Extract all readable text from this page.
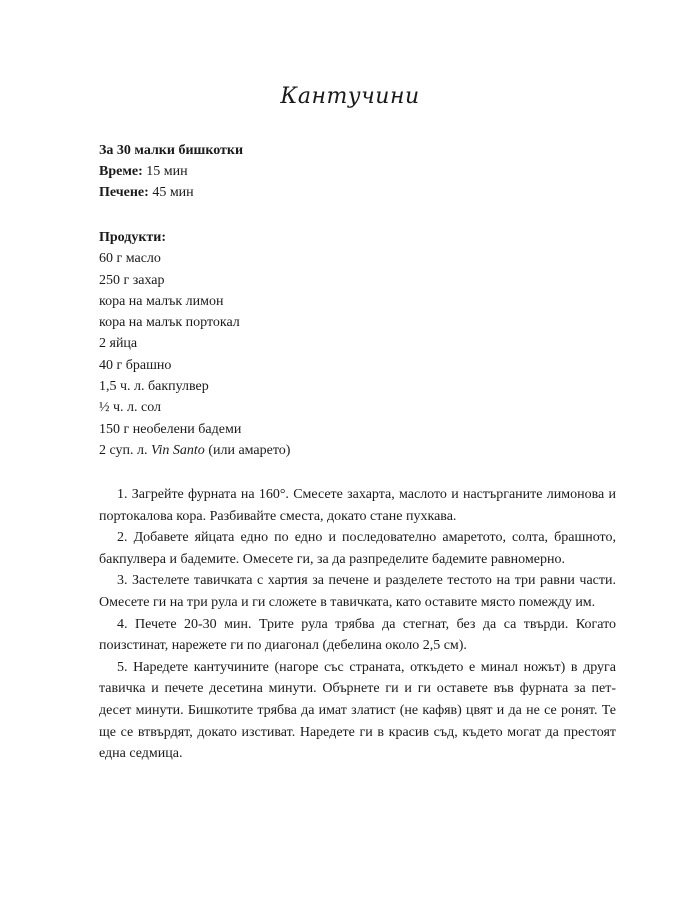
Кантучини
За 30 малки бишкотки
Време: 15 мин
Печене: 45 мин
Продукти:
60 г масло
250 г захар
кора на малък лимон
кора на малък портокал
2 яйца
40 г брашно
1,5 ч. л. бакпулвер
½ ч. л. сол
150 г необелени бадеми
2 суп. л. Vin Santo (или амарето)

1. Загрейте фурната на 160°. Смесете захарта, маслото и настърганите лимонова и портокалова кора. Разбивайте сместа, докато стане пухкава.

2. Добавете яйцата едно по едно и последователно амаретото, солта, брашното, бакпулвера и бадемите. Омесете ги, за да разпределите бадемите равномерно.

3. Застелете тавичката с хартия за печене и разделете тестото на три равни части. Омесете ги на три рула и ги сложете в тавичката, като оставите място помежду им.

4. Печете 20-30 мин. Трите рула трябва да стегнат, без да са твърди. Когато поизстинат, нарежете ги по диагонал (дебелина около 2,5 см).

5. Наредете кантучините (нагоре със страната, откъдето е минал ножът) в друга тавичка и печете десетина минути. Обърнете ги и ги оставете във фурната за пет-десет минути. Бишкотите трябва да имат златист (не кафяв) цвят и да не се ронят. Те ще се втвърдят, докато изстиват. Наредете ги в красив съд, където могат да престоят една седмица.
